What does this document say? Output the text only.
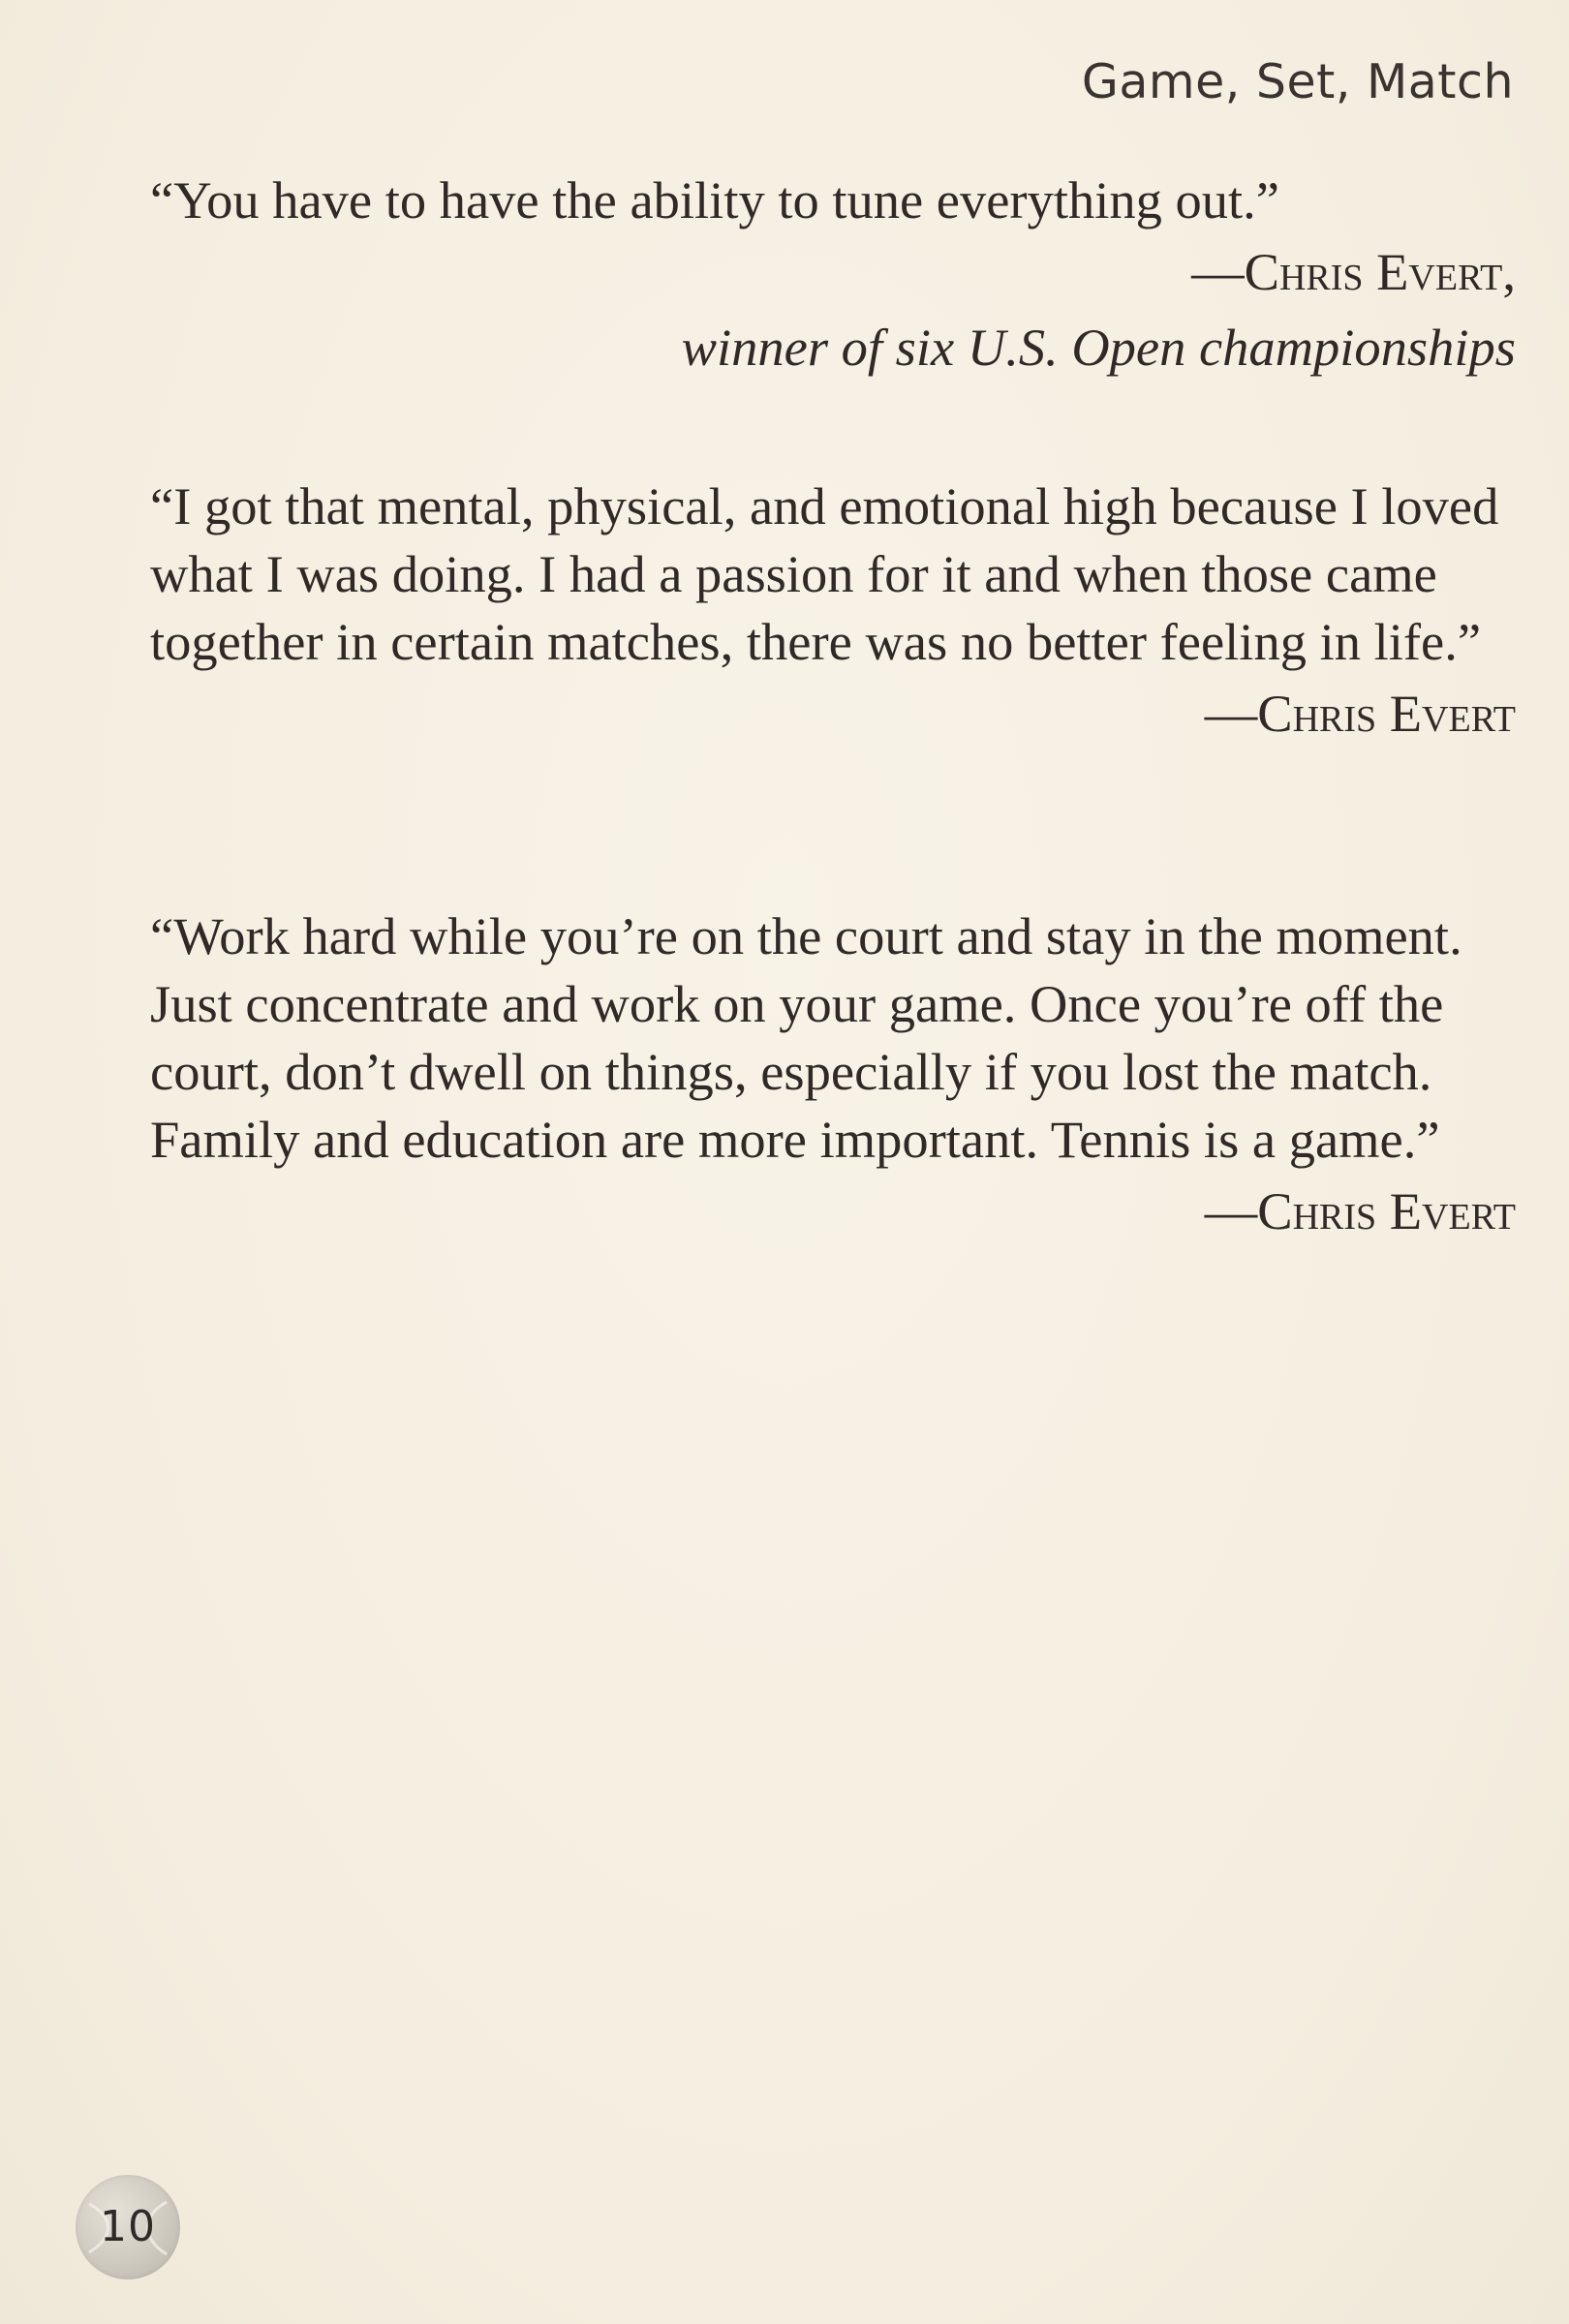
Game, Set, Match

“You have to have the ability to tune everything out.”

—Chris Evert,

winner of six U.S. Open championships

“I got that mental, physical, and emotional high because I loved what I was doing. I had a passion for it and when those came together in certain matches, there was no better feeling in life.”

—Chris Evert

“Work hard while you’re on the court and stay in the moment. Just concentrate and work on your game. Once you’re off the court, don’t dwell on things, especially if you lost the match. Family and education are more important. Tennis is a game.”

—Chris Evert

10
